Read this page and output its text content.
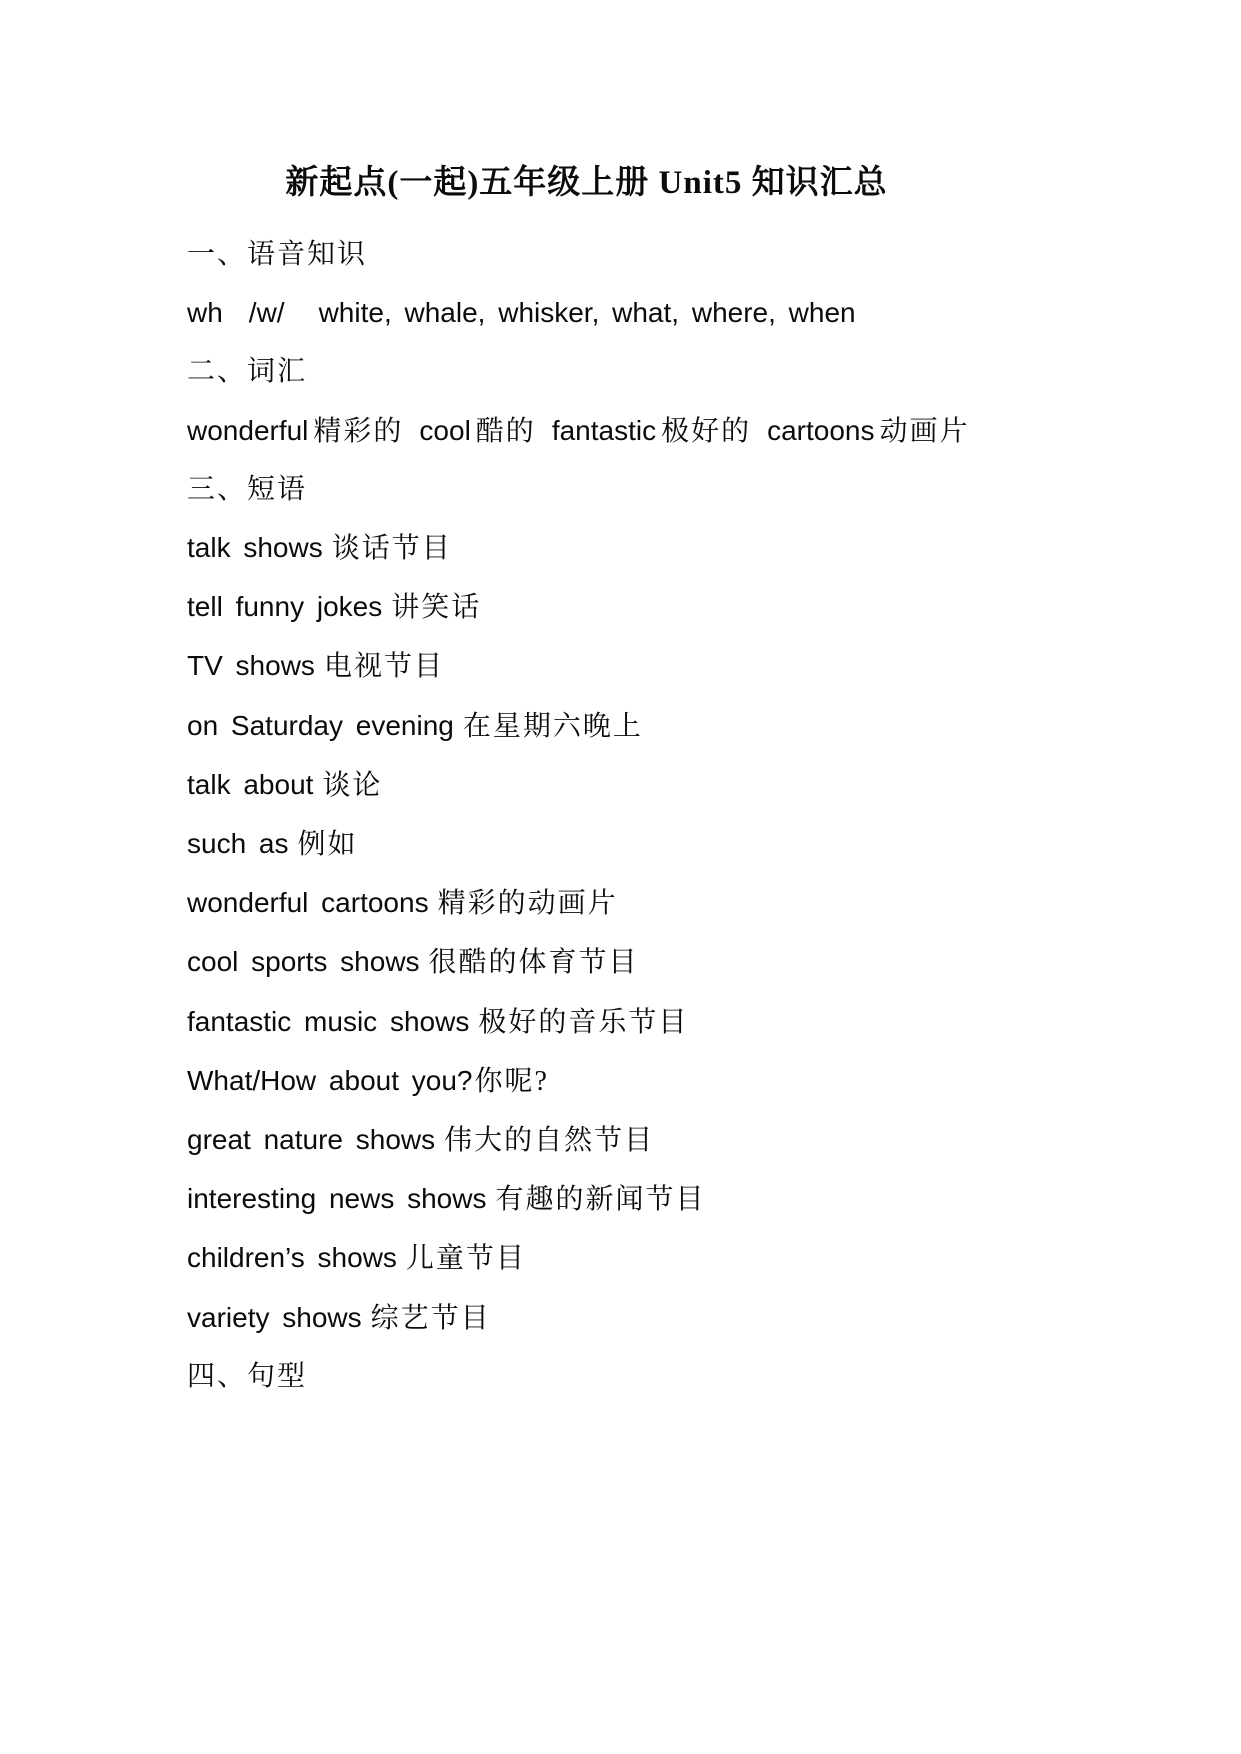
新起点(一起)五年级上册 Unit5 知识汇总

一、语音知识

wh /w/ white, whale, whisker, what, where, when

二、词汇

wonderful 精彩的 cool 酷的 fantastic 极好的 cartoons 动画片

三、短语

talk shows 谈话节目

tell funny jokes 讲笑话

TV shows 电视节目

on Saturday evening 在星期六晚上

talk about 谈论

such as 例如

wonderful cartoons 精彩的动画片

cool sports shows 很酷的体育节目

fantastic music shows 极好的音乐节目

What/How about you?你呢?

great nature shows 伟大的自然节目

interesting news shows 有趣的新闻节目

children’s shows 儿童节目

variety shows 综艺节目

四、句型
